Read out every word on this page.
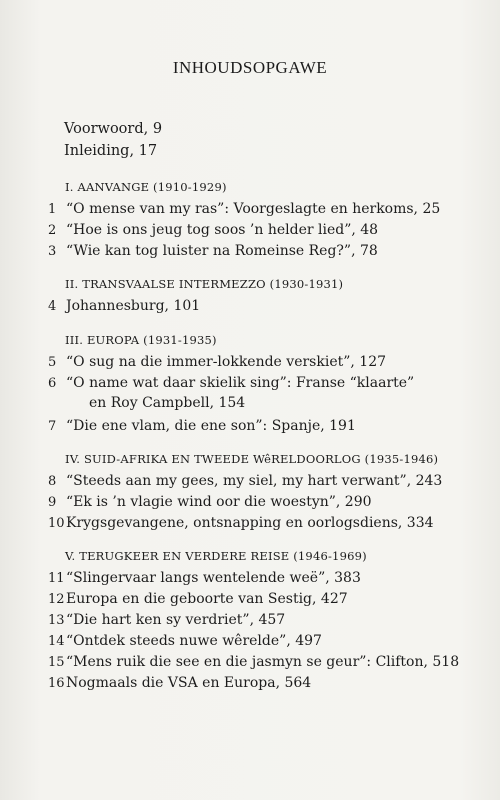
INHOUDSOPGAWE
Voorwoord, 9
Inleiding, 17
I. AANVANGE (1910-1929)
1 “O mense van my ras”: Voorgeslagte en herkoms, 25
2 “Hoe is ons jeug tog soos ’n helder lied”, 48
3 “Wie kan tog luister na Romeinse Reg?”, 78
II. TRANSVAALSE INTERMEZZO (1930-1931)
4 Johannesburg, 101
III. EUROPA (1931-1935)
5 “O sug na die immer-lokkende verskiet”, 127
6 “O name wat daar skielik sing”: Franse “klaarte”
en Roy Campbell, 154
7 “Die ene vlam, die ene son”: Spanje, 191
IV. SUID-AFRIKA EN TWEEDE WêRELDOORLOG (1935-1946)
8 “Steeds aan my gees, my siel, my hart verwant”, 243
9 “Ek is ’n vlagie wind oor die woestyn”, 290
10Krygsgevangene, ontsnapping en oorlogsdiens, 334
V. TERUGKEER EN VERDERE REISE (1946-1969)
11“Slingervaar langs wentelende weë”, 383
12Europa en die geboorte van Sestig, 427
13“Die hart ken sy verdriet”, 457
14“Ontdek steeds nuwe wêrelde”, 497
15“Mens ruik die see en die jasmyn se geur”: Clifton, 518
16Nogmaals die VSA en Europa, 564
